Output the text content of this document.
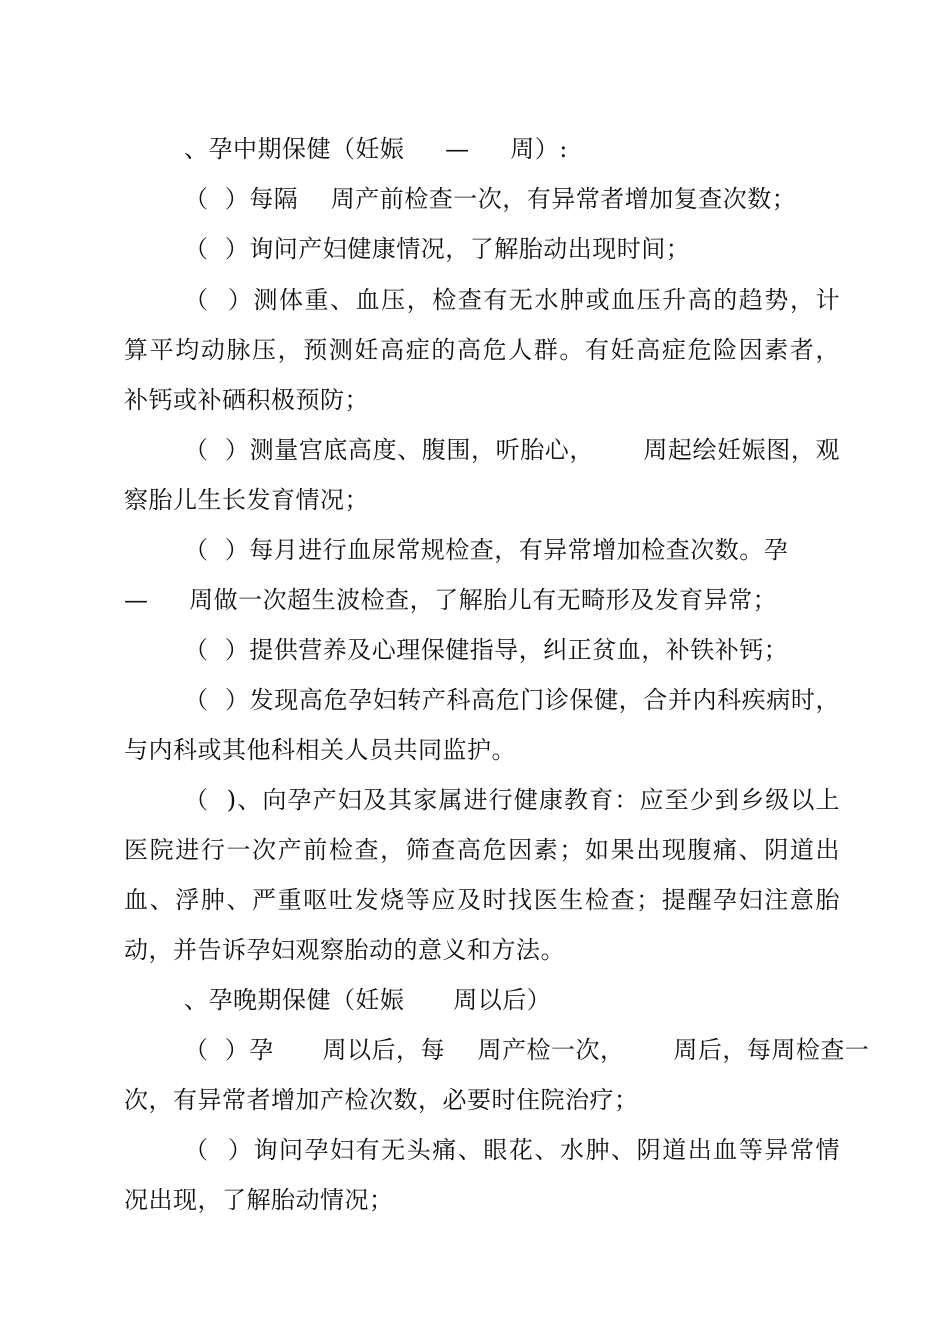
、孕中期保健（妊娠     —     周）:
（  ）每隔    周产前检查一次，有异常者增加复查次数；
（  ）询问产妇健康情况，了解胎动出现时间；
（  ）测体重、血压，检查有无水肿或血压升高的趋势，计
算平均动脉压，预测妊高症的高危人群。有妊高症危险因素者，
补钙或补硒积极预防；
（  ）测量宫底高度、腹围，听胎心，      周起绘妊娠图，观
察胎儿生长发育情况；
（  ）每月进行血尿常规检查，有异常增加检查次数。孕
—     周做一次超生波检查，了解胎儿有无畸形及发育异常；
（  ）提供营养及心理保健指导，纠正贫血，补铁补钙；
（  ）发现高危孕妇转产科高危门诊保健，合并内科疾病时，
与内科或其他科相关人员共同监护。
（  )、向孕产妇及其家属进行健康教育：应至少到乡级以上
医院进行一次产前检查，筛查高危因素；如果出现腹痛、阴道出
血、浮肿、严重呕吐发烧等应及时找医生检查；提醒孕妇注意胎
动，并告诉孕妇观察胎动的意义和方法。
、孕晚期保健（妊娠      周以后）
（  ）孕      周以后，每    周产检一次，      周后，每周检查一
次，有异常者增加产检次数，必要时住院治疗；
（  ）询问孕妇有无头痛、眼花、水肿、阴道出血等异常情
况出现，了解胎动情况；
